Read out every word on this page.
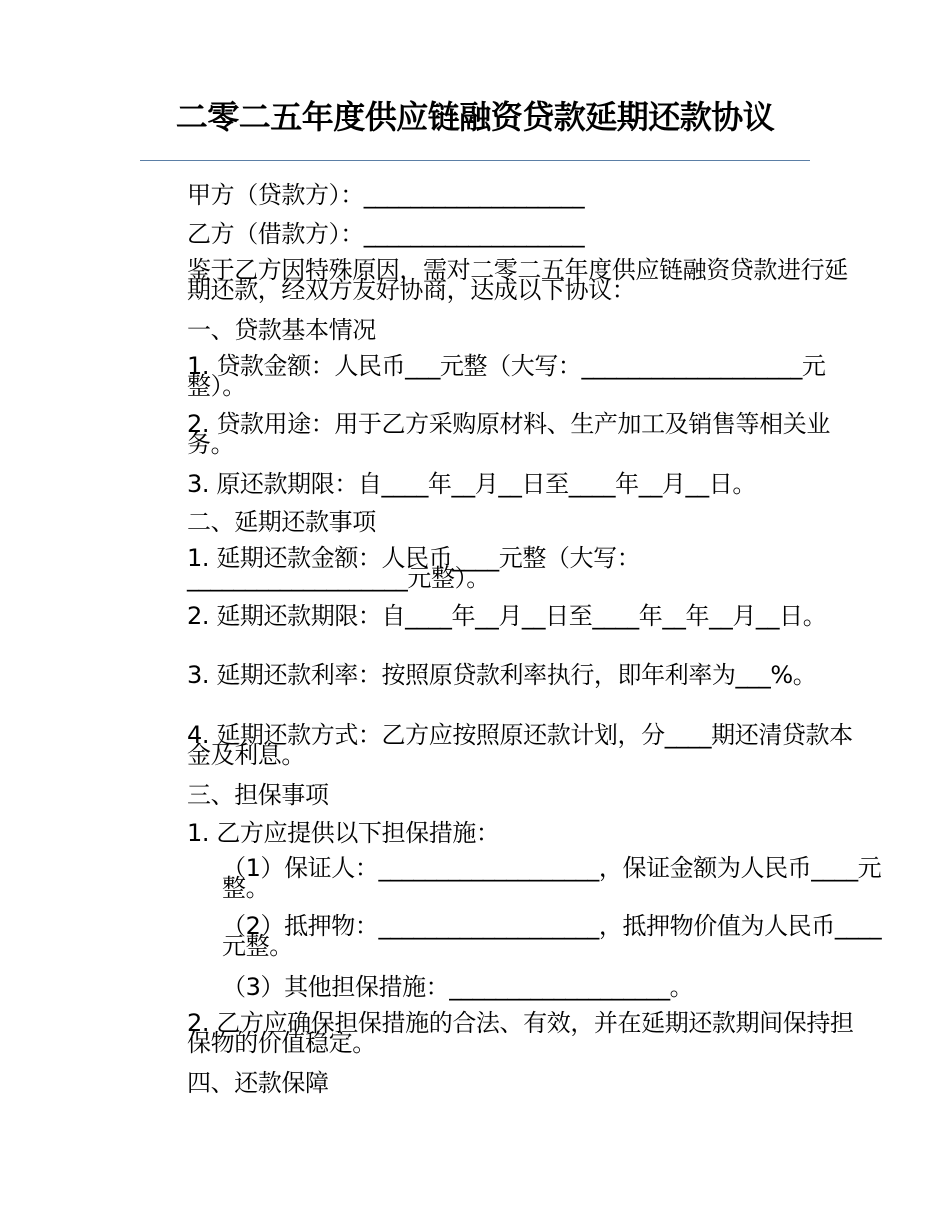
二零二五年度供应链融资贷款延期还款协议
甲方（贷款方）：___________________
乙方（借款方）：___________________
鉴于乙方因特殊原因，需对二零二五年度供应链融资贷款进行延期还款，经双方友好协商，达成以下协议：
一、贷款基本情况
1. 贷款金额：人民币___元整（大写：___________________元整）。
2. 贷款用途：用于乙方采购原材料、生产加工及销售等相关业务。
3. 原还款期限：自____年__月__日至____年__月__日。
二、延期还款事项
1. 延期还款金额：人民币____元整（大写：___________________元整）。
2. 延期还款期限：自____年__月__日至____年__年__月__日。
3. 延期还款利率：按照原贷款利率执行，即年利率为___%。
4. 延期还款方式：乙方应按照原还款计划，分____期还清贷款本金及利息。
三、担保事项
1. 乙方应提供以下担保措施：
（1）保证人：___________________，保证金额为人民币____元整。
（2）抵押物：___________________，抵押物价值为人民币____元整。
（3）其他担保措施：___________________。
2. 乙方应确保担保措施的合法、有效，并在延期还款期间保持担保物的价值稳定。
四、还款保障
